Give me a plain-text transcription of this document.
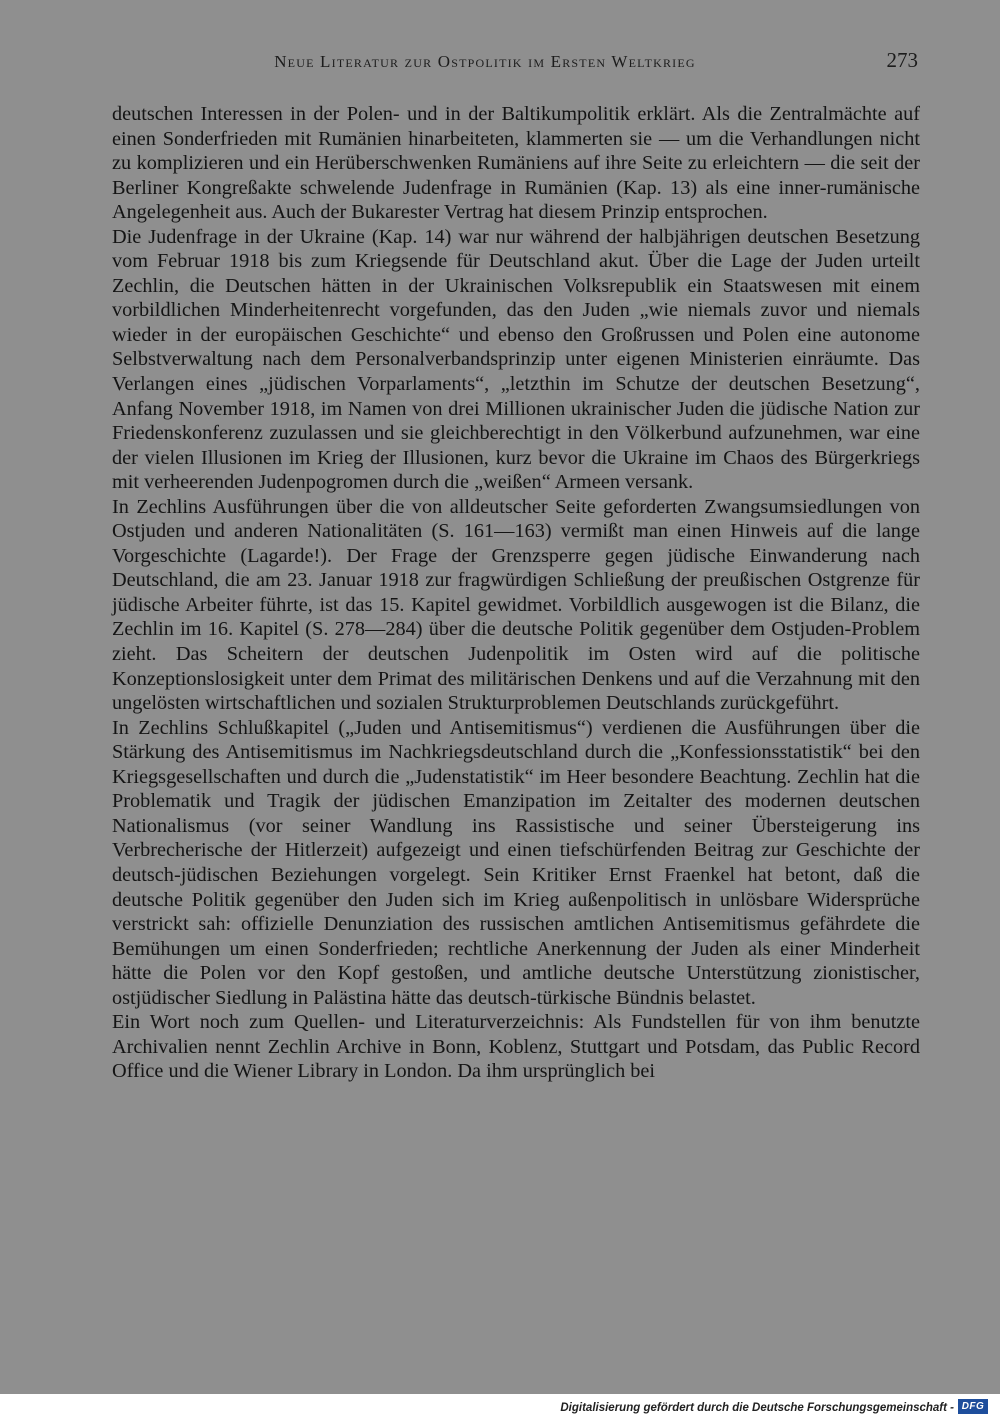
Neue Literatur zur Ostpolitik im Ersten Weltkrieg	273

deutschen Interessen in der Polen- und in der Baltikumpolitik erklärt. Als die Zentralmächte auf einen Sonderfrieden mit Rumänien hinarbeiteten, klammerten sie — um die Verhandlungen nicht zu komplizieren und ein Herüberschwenken Rumäniens auf ihre Seite zu erleichtern — die seit der Berliner Kongreßakte schwelende Judenfrage in Rumänien (Kap. 13) als eine inner-rumänische Angelegenheit aus. Auch der Bukarester Vertrag hat diesem Prinzip entsprochen.

Die Judenfrage in der Ukraine (Kap. 14) war nur während der halbjährigen deutschen Besetzung vom Februar 1918 bis zum Kriegsende für Deutschland akut. Über die Lage der Juden urteilt Zechlin, die Deutschen hätten in der Ukrainischen Volksrepublik ein Staatswesen mit einem vorbildlichen Minderheitenrecht vorgefunden, das den Juden „wie niemals zuvor und niemals wieder in der europäischen Geschichte“ und ebenso den Großrussen und Polen eine autonome Selbstverwaltung nach dem Personalverbandsprinzip unter eigenen Ministerien einräumte. Das Verlangen eines „jüdischen Vorparlaments“, „letzthin im Schutze der deutschen Besetzung“, Anfang November 1918, im Namen von drei Millionen ukrainischer Juden die jüdische Nation zur Friedenskonferenz zuzulassen und sie gleichberechtigt in den Völkerbund aufzunehmen, war eine der vielen Illusionen im Krieg der Illusionen, kurz bevor die Ukraine im Chaos des Bürgerkriegs mit verheerenden Judenpogromen durch die „weißen“ Armeen versank.

In Zechlins Ausführungen über die von alldeutscher Seite geforderten Zwangsumsiedlungen von Ostjuden und anderen Nationalitäten (S. 161—163) vermißt man einen Hinweis auf die lange Vorgeschichte (Lagarde!). Der Frage der Grenzsperre gegen jüdische Einwanderung nach Deutschland, die am 23. Januar 1918 zur fragwürdigen Schließung der preußischen Ostgrenze für jüdische Arbeiter führte, ist das 15. Kapitel gewidmet. Vorbildlich ausgewogen ist die Bilanz, die Zechlin im 16. Kapitel (S. 278—284) über die deutsche Politik gegenüber dem Ostjuden-Problem zieht. Das Scheitern der deutschen Judenpolitik im Osten wird auf die politische Konzeptionslosigkeit unter dem Primat des militärischen Denkens und auf die Verzahnung mit den ungelösten wirtschaftlichen und sozialen Strukturproblemen Deutschlands zurückgeführt.

In Zechlins Schlußkapitel („Juden und Antisemitismus“) verdienen die Ausführungen über die Stärkung des Antisemitismus im Nachkriegsdeutschland durch die „Konfessionsstatistik“ bei den Kriegsgesellschaften und durch die „Judenstatistik“ im Heer besondere Beachtung. Zechlin hat die Problematik und Tragik der jüdischen Emanzipation im Zeitalter des modernen deutschen Nationalismus (vor seiner Wandlung ins Rassistische und seiner Übersteigerung ins Verbrecherische der Hitlerzeit) aufgezeigt und einen tiefschürfenden Beitrag zur Geschichte der deutsch-jüdischen Beziehungen vorgelegt. Sein Kritiker Ernst Fraenkel hat betont, daß die deutsche Politik gegenüber den Juden sich im Krieg außenpolitisch in unlösbare Widersprüche verstrickt sah: offizielle Denunziation des russischen amtlichen Antisemitismus gefährdete die Bemühungen um einen Sonderfrieden; rechtliche Anerkennung der Juden als einer Minderheit hätte die Polen vor den Kopf gestoßen, und amtliche deutsche Unterstützung zionistischer, ostjüdischer Siedlung in Palästina hätte das deutsch-türkische Bündnis belastet.

Ein Wort noch zum Quellen- und Literaturverzeichnis: Als Fundstellen für von ihm benutzte Archivalien nennt Zechlin Archive in Bonn, Koblenz, Stuttgart und Potsdam, das Public Record Office und die Wiener Library in London. Da ihm ursprünglich bei

Digitalisierung gefördert durch die Deutsche Forschungsgemeinschaft - DFG
